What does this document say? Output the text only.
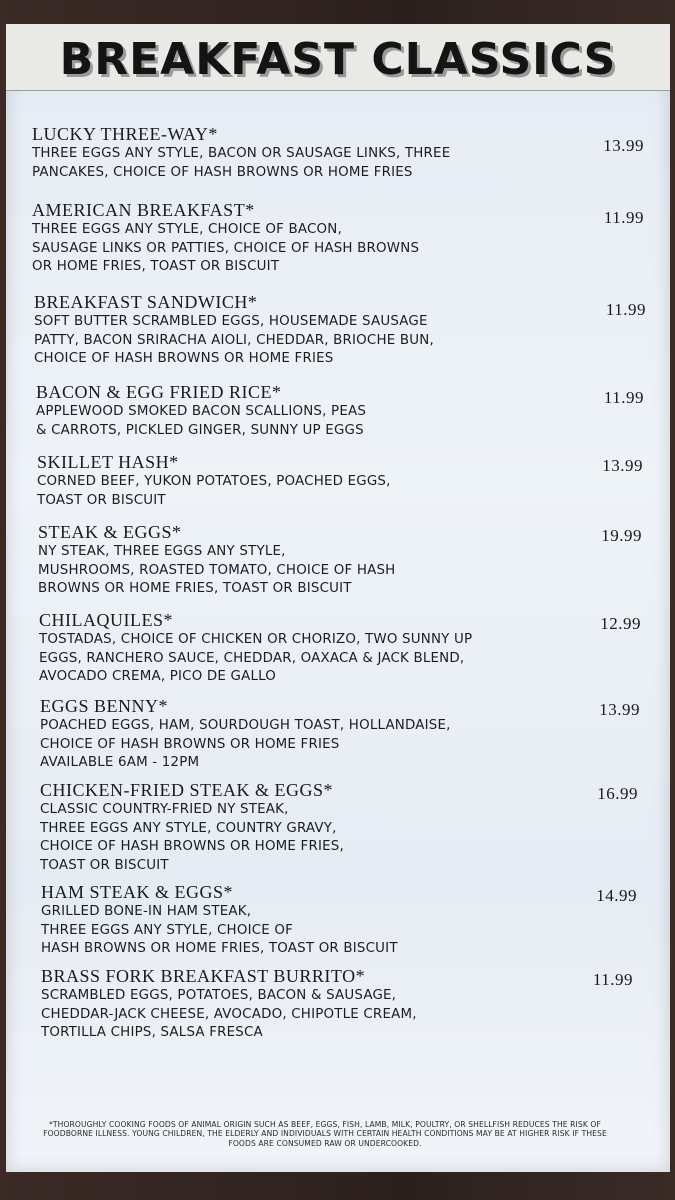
BREAKFAST CLASSICS
LUCKY THREE-WAY*
THREE EGGS ANY STYLE, BACON OR SAUSAGE LINKS, THREE
PANCAKES, CHOICE OF HASH BROWNS OR HOME FRIES
13.99
AMERICAN BREAKFAST*
THREE EGGS ANY STYLE, CHOICE OF BACON,
SAUSAGE LINKS OR PATTIES, CHOICE OF HASH BROWNS
OR HOME FRIES, TOAST OR BISCUIT
11.99
BREAKFAST SANDWICH*
SOFT BUTTER SCRAMBLED EGGS, HOUSEMADE SAUSAGE
PATTY, BACON SRIRACHA AIOLI, CHEDDAR, BRIOCHE BUN,
CHOICE OF HASH BROWNS OR HOME FRIES
11.99
BACON & EGG FRIED RICE*
APPLEWOOD SMOKED BACON SCALLIONS, PEAS
& CARROTS, PICKLED GINGER, SUNNY UP EGGS
11.99
SKILLET HASH*
CORNED BEEF, YUKON POTATOES, POACHED EGGS,
TOAST OR BISCUIT
13.99
STEAK & EGGS*
NY STEAK, THREE EGGS ANY STYLE,
MUSHROOMS, ROASTED TOMATO, CHOICE OF HASH
BROWNS OR HOME FRIES, TOAST OR BISCUIT
19.99
CHILAQUILES*
TOSTADAS, CHOICE OF CHICKEN OR CHORIZO, TWO SUNNY UP
EGGS, RANCHERO SAUCE, CHEDDAR, OAXACA & JACK BLEND,
AVOCADO CREMA, PICO DE GALLO
12.99
EGGS BENNY*
POACHED EGGS, HAM, SOURDOUGH TOAST, HOLLANDAISE,
CHOICE OF HASH BROWNS OR HOME FRIES
AVAILABLE 6AM - 12PM
13.99
CHICKEN-FRIED STEAK & EGGS*
CLASSIC COUNTRY-FRIED NY STEAK,
THREE EGGS ANY STYLE, COUNTRY GRAVY,
CHOICE OF HASH BROWNS OR HOME FRIES,
TOAST OR BISCUIT
16.99
HAM STEAK & EGGS*
GRILLED BONE-IN HAM STEAK,
THREE EGGS ANY STYLE, CHOICE OF
HASH BROWNS OR HOME FRIES, TOAST OR BISCUIT
14.99
BRASS FORK BREAKFAST BURRITO*
SCRAMBLED EGGS, POTATOES, BACON & SAUSAGE,
CHEDDAR-JACK CHEESE, AVOCADO, CHIPOTLE CREAM,
TORTILLA CHIPS, SALSA FRESCA
11.99
*THOROUGHLY COOKING FOODS OF ANIMAL ORIGIN SUCH AS BEEF, EGGS, FISH, LAMB, MILK, POULTRY, OR SHELLFISH REDUCES THE RISK OF FOODBORNE ILLNESS. YOUNG CHILDREN, THE ELDERLY AND INDIVIDUALS WITH CERTAIN HEALTH CONDITIONS MAY BE AT HIGHER RISK IF THESE FOODS ARE CONSUMED RAW OR UNDERCOOKED.
